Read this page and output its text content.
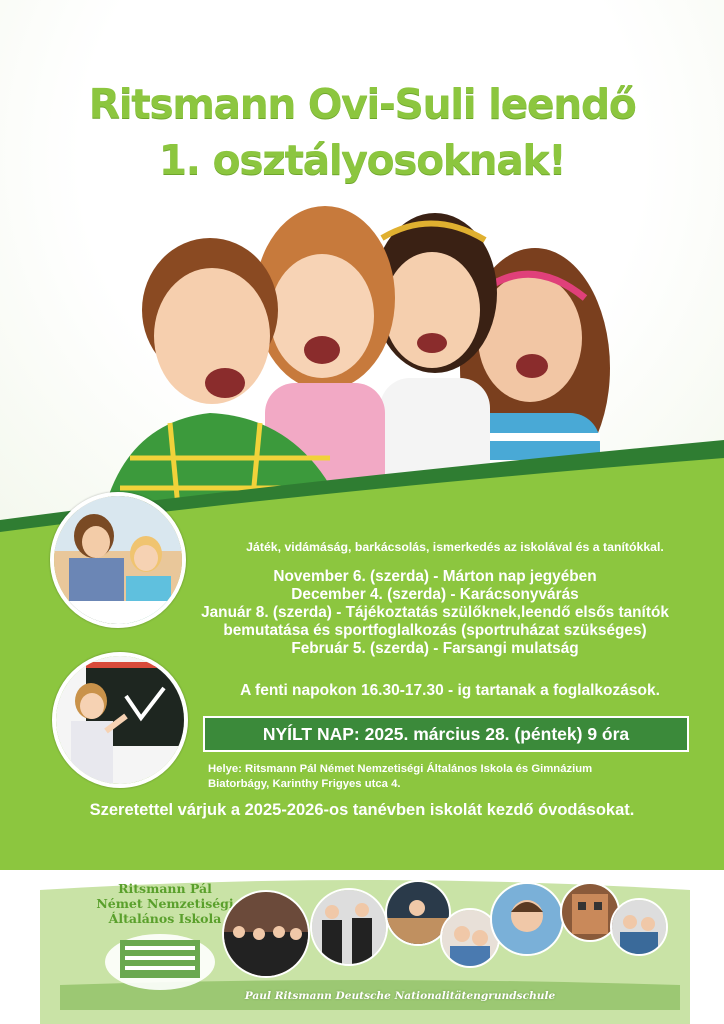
Ritsmann Ovi-Suli leendő
1. osztályosoknak!
Játék, vidámáság, barkácsolás, ismerkedés az iskolával és a tanítókkal.
November 6. (szerda) - Márton nap jegyében
December 4. (szerda) - Karácsonyvárás
Január 8. (szerda) - Tájékoztatás szülőknek,leendő elsős tanítók
bemutatása és sportfoglalkozás (sportruházat szükséges)
Február 5. (szerda) - Farsangi mulatság
A fenti napokon 16.30-17.30 - ig tartanak a foglalkozások.
NYÍLT NAP: 2025. március 28. (péntek) 9 óra
Helye: Ritsmann Pál Német Nemzetiségi Általános Iskola és Gimnázium
Biatorbágy, Karinthy Frigyes utca 4.
Szeretettel várjuk a 2025-2026-os tanévben iskolát kezdő óvodásokat.
Ritsmann Pál
Német Nemzetiségi
Általános Iskola
Paul Ritsmann Deutsche Nationalitätengrundschule
